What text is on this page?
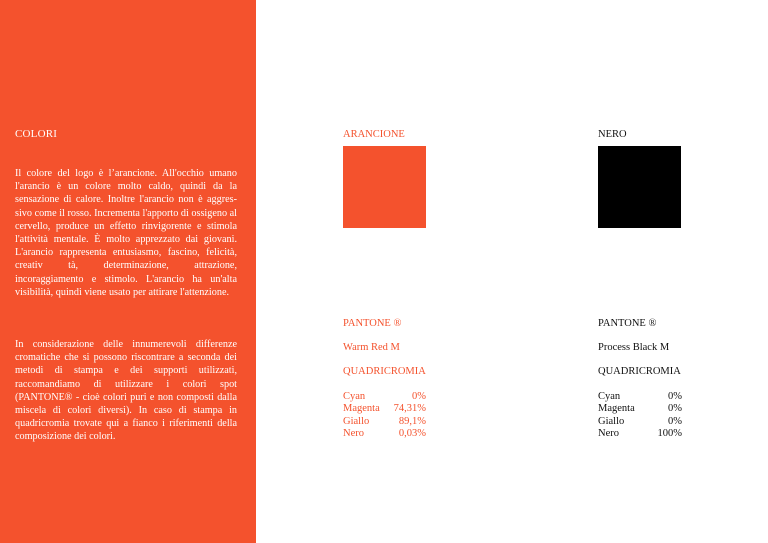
COLORI

Il colore del logo è l’arancione. All'occhio umano l'arancio è un colore molto caldo, quindi da la sensazione di calore. Inoltre l'arancio non è aggres-sivo come il rosso. Incrementa l'apporto di ossigeno al cervello, produce un effetto rinvigorente e stimola l'attività mentale. È molto apprezzato dai giovani. L'arancio rappresenta entusiasmo, fascino, felicità, creativ tà, determinazione, attrazione, incoraggiamento e stimolo. L'arancio ha un'alta visibilità, quindi viene usato per attirare l'attenzione.

In considerazione delle innumerevoli differenze cromatiche che si possono riscontrare a seconda dei metodi di stampa e dei supporti utilizzati, raccomandiamo di utilizzare i colori spot (PANTONE® - cioè colori puri e non composti dalla miscela di colori diversi). In caso di stampa in quadricromia trovate qui a fianco i riferimenti della composizione dei colori.

ARANCIONE
PANTONE ®
Warm Red M
QUADRICROMIA
Cyan	0%
Magenta 74,31%
Giallo	89,1%
Nero	0,03%
NERO
PANTONE ®
Process Black M
QUADRICROMIA
Cyan	0%
Magenta	0%
Giallo	0%
Nero	100%
